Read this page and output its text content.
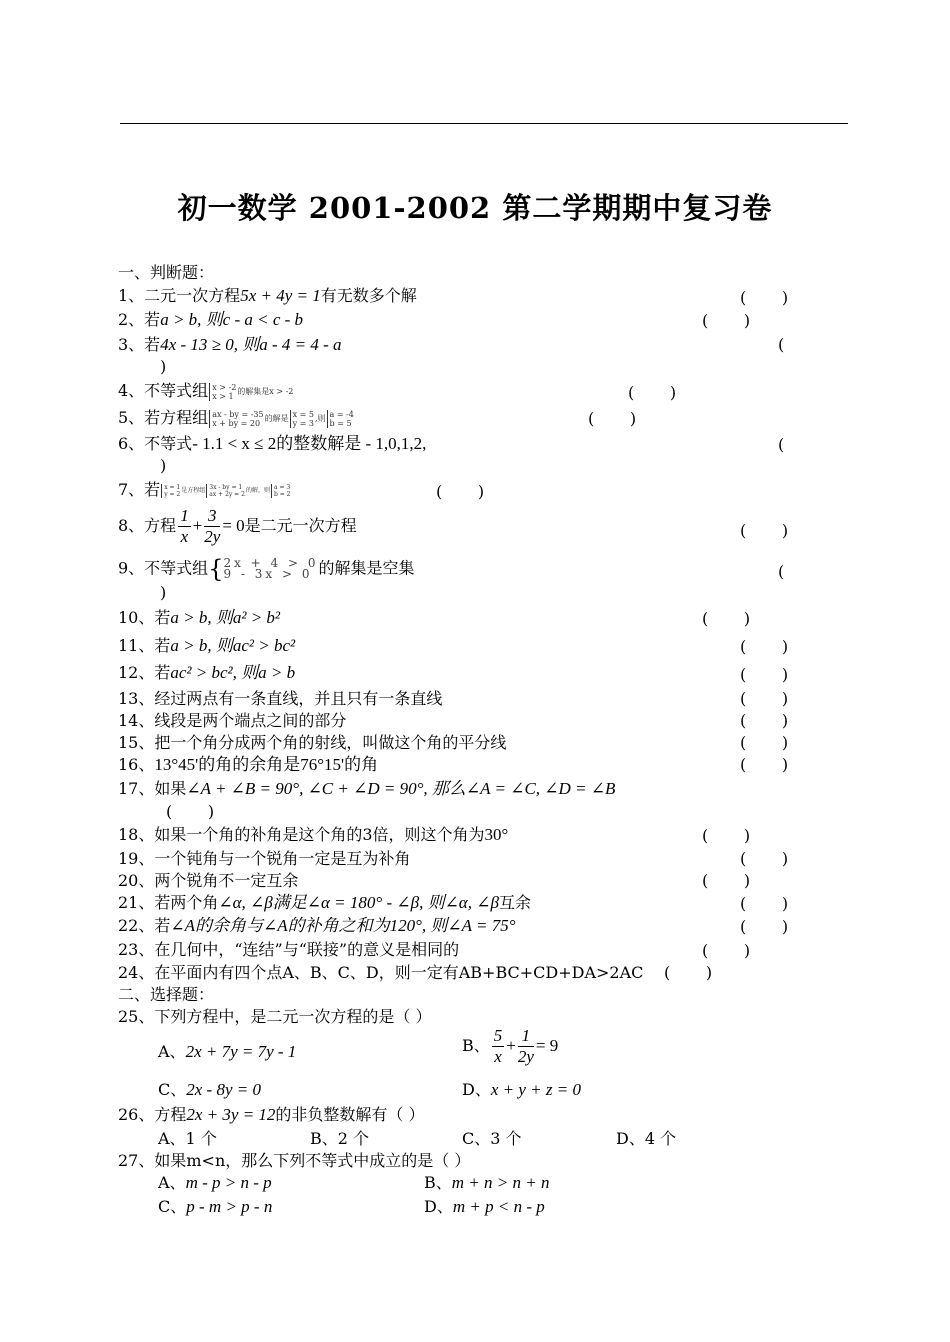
初一数学 2001-2002 第二学期期中复习卷
一、判断题：
1、二元一次方程5x + 4y = 1有无数多个解	(       )
2、若a > b, 则c - a < c - b	(       )
3、若4x - 13 ≥ 0, 则a - 4 = 4 - a	(
)
4、不等式组 x > -2
x > 1 的解集是x > -2	(       )
5、若方程组 ax - by = -35
x + by = 20 的解是 x = 5
y = 3,则 a = -4
b = 5	(       )
6、不等式- 1.1 < x ≤ 2的整数解是 - 1,0,1,2,	(
)
7、若 x = 1
y = 2是方程组 3x - by = 1
ax + 2y = 2的解，则 a = 3
b = 2	(       )
8、方程 $\frac{1}{x} + \frac{3}{2y} = 0$是二元一次方程	(       )
9、不等式组{2x + 4 > 0
9 - 3x > 0 的解集是空集	(
)
10、若a > b, 则a² > b²	(       )
11、若a > b, 则ac² > bc²	(       )
12、若ac² > bc², 则a > b	(       )
13、经过两点有一条直线，并且只有一条直线	(       )
14、线段是两个端点之间的部分	(       )
15、把一个角分成两个角的射线，叫做这个角的平分线	(       )
16、13°45'的角的余角是76°15'的角	(       )
17、如果∠A + ∠B = 90°, ∠C + ∠D = 90°, 那么∠A = ∠C, ∠D = ∠B
(       )
18、如果一个角的补角是这个角的3倍，则这个角为30°	(       )
19、一个钝角与一个锐角一定是互为补角	(       )
20、两个锐角不一定互余	(       )
21、若两个角∠α, ∠β满足∠α = 180° - ∠β, 则∠α, ∠β互余	(       )
22、若∠A的余角与∠A的补角之和为120°, 则∠A = 75°	(       )
23、在几何中，“连结”与“联接”的意义是相同的	(       )
24、在平面内有四个点A、B、C、D，则一定有AB+BC+CD+DA>2AC (       )
二、选择题：
25、下列方程中，是二元一次方程的是（ ）
A、2x + 7y = 7y - 1	B、 $\frac{5}{x} + \frac{1}{2y} = 9$
C、2x - 8y = 0	D、x + y + z = 0
26、方程2x + 3y = 12的非负整数解有（ ）
A、1 个	B、2 个	C、3 个	D、4 个
27、如果m<n，那么下列不等式中成立的是（ ）
A、m - p > n - p	B、m + n > n + n
C、p - m > p - n	D、m + p < n - p
